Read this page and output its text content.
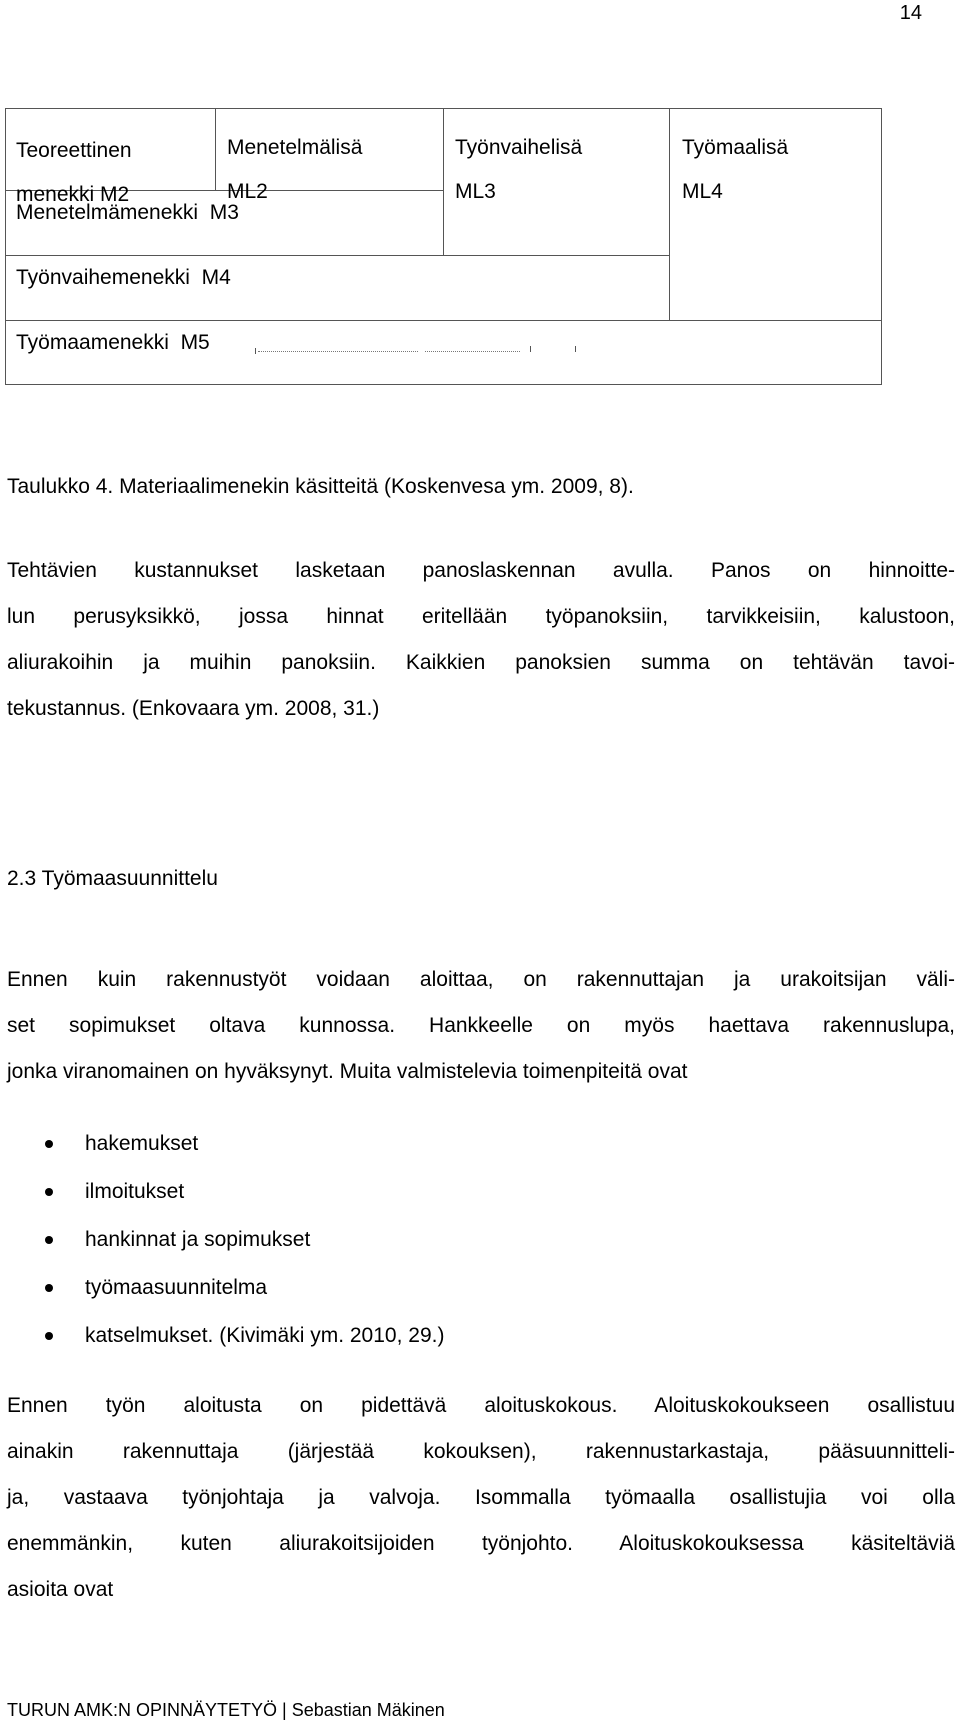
14

Teoreettinen

menekki M2

Menetelmälisä

ML2

Työnvaihelisä

ML3

Työmaalisä

ML4

Menetelmämenekki  M3
Työnvaihemenekki  M4
Työmaamenekki  M5
Taulukko 4. Materiaalimenekin käsitteitä (Koskenvesa ym. 2009, 8).
Tehtävien kustannukset lasketaan panoslaskennan avulla. Panos on hinnoitte-
lun perusyksikkö, jossa hinnat eritellään työpanoksiin, tarvikkeisiin, kalustoon,
aliurakoihin ja muihin panoksiin. Kaikkien panoksien summa on tehtävän tavoi-
tekustannus. (Enkovaara ym. 2008, 31.)
2.3 Työmaasuunnittelu
Ennen kuin rakennustyöt voidaan aloittaa, on rakennuttajan ja urakoitsijan väli-
set sopimukset oltava kunnossa. Hankkeelle on myös haettava rakennuslupa,
jonka viranomainen on hyväksynyt. Muita valmistelevia toimenpiteitä ovat
hakemukset
ilmoitukset
hankinnat ja sopimukset
työmaasuunnitelma
katselmukset. (Kivimäki ym. 2010, 29.)
Ennen työn aloitusta on pidettävä aloituskokous. Aloituskokoukseen osallistuu
ainakin rakennuttaja (järjestää kokouksen), rakennustarkastaja, pääsuunnitteli-
ja, vastaava työnjohtaja ja valvoja. Isommalla työmaalla osallistujia voi olla
enemmänkin, kuten aliurakoitsijoiden työnjohto. Aloituskokouksessa käsiteltäviä
asioita ovat
TURUN AMK:N OPINNÄYTETYÖ | Sebastian Mäkinen
